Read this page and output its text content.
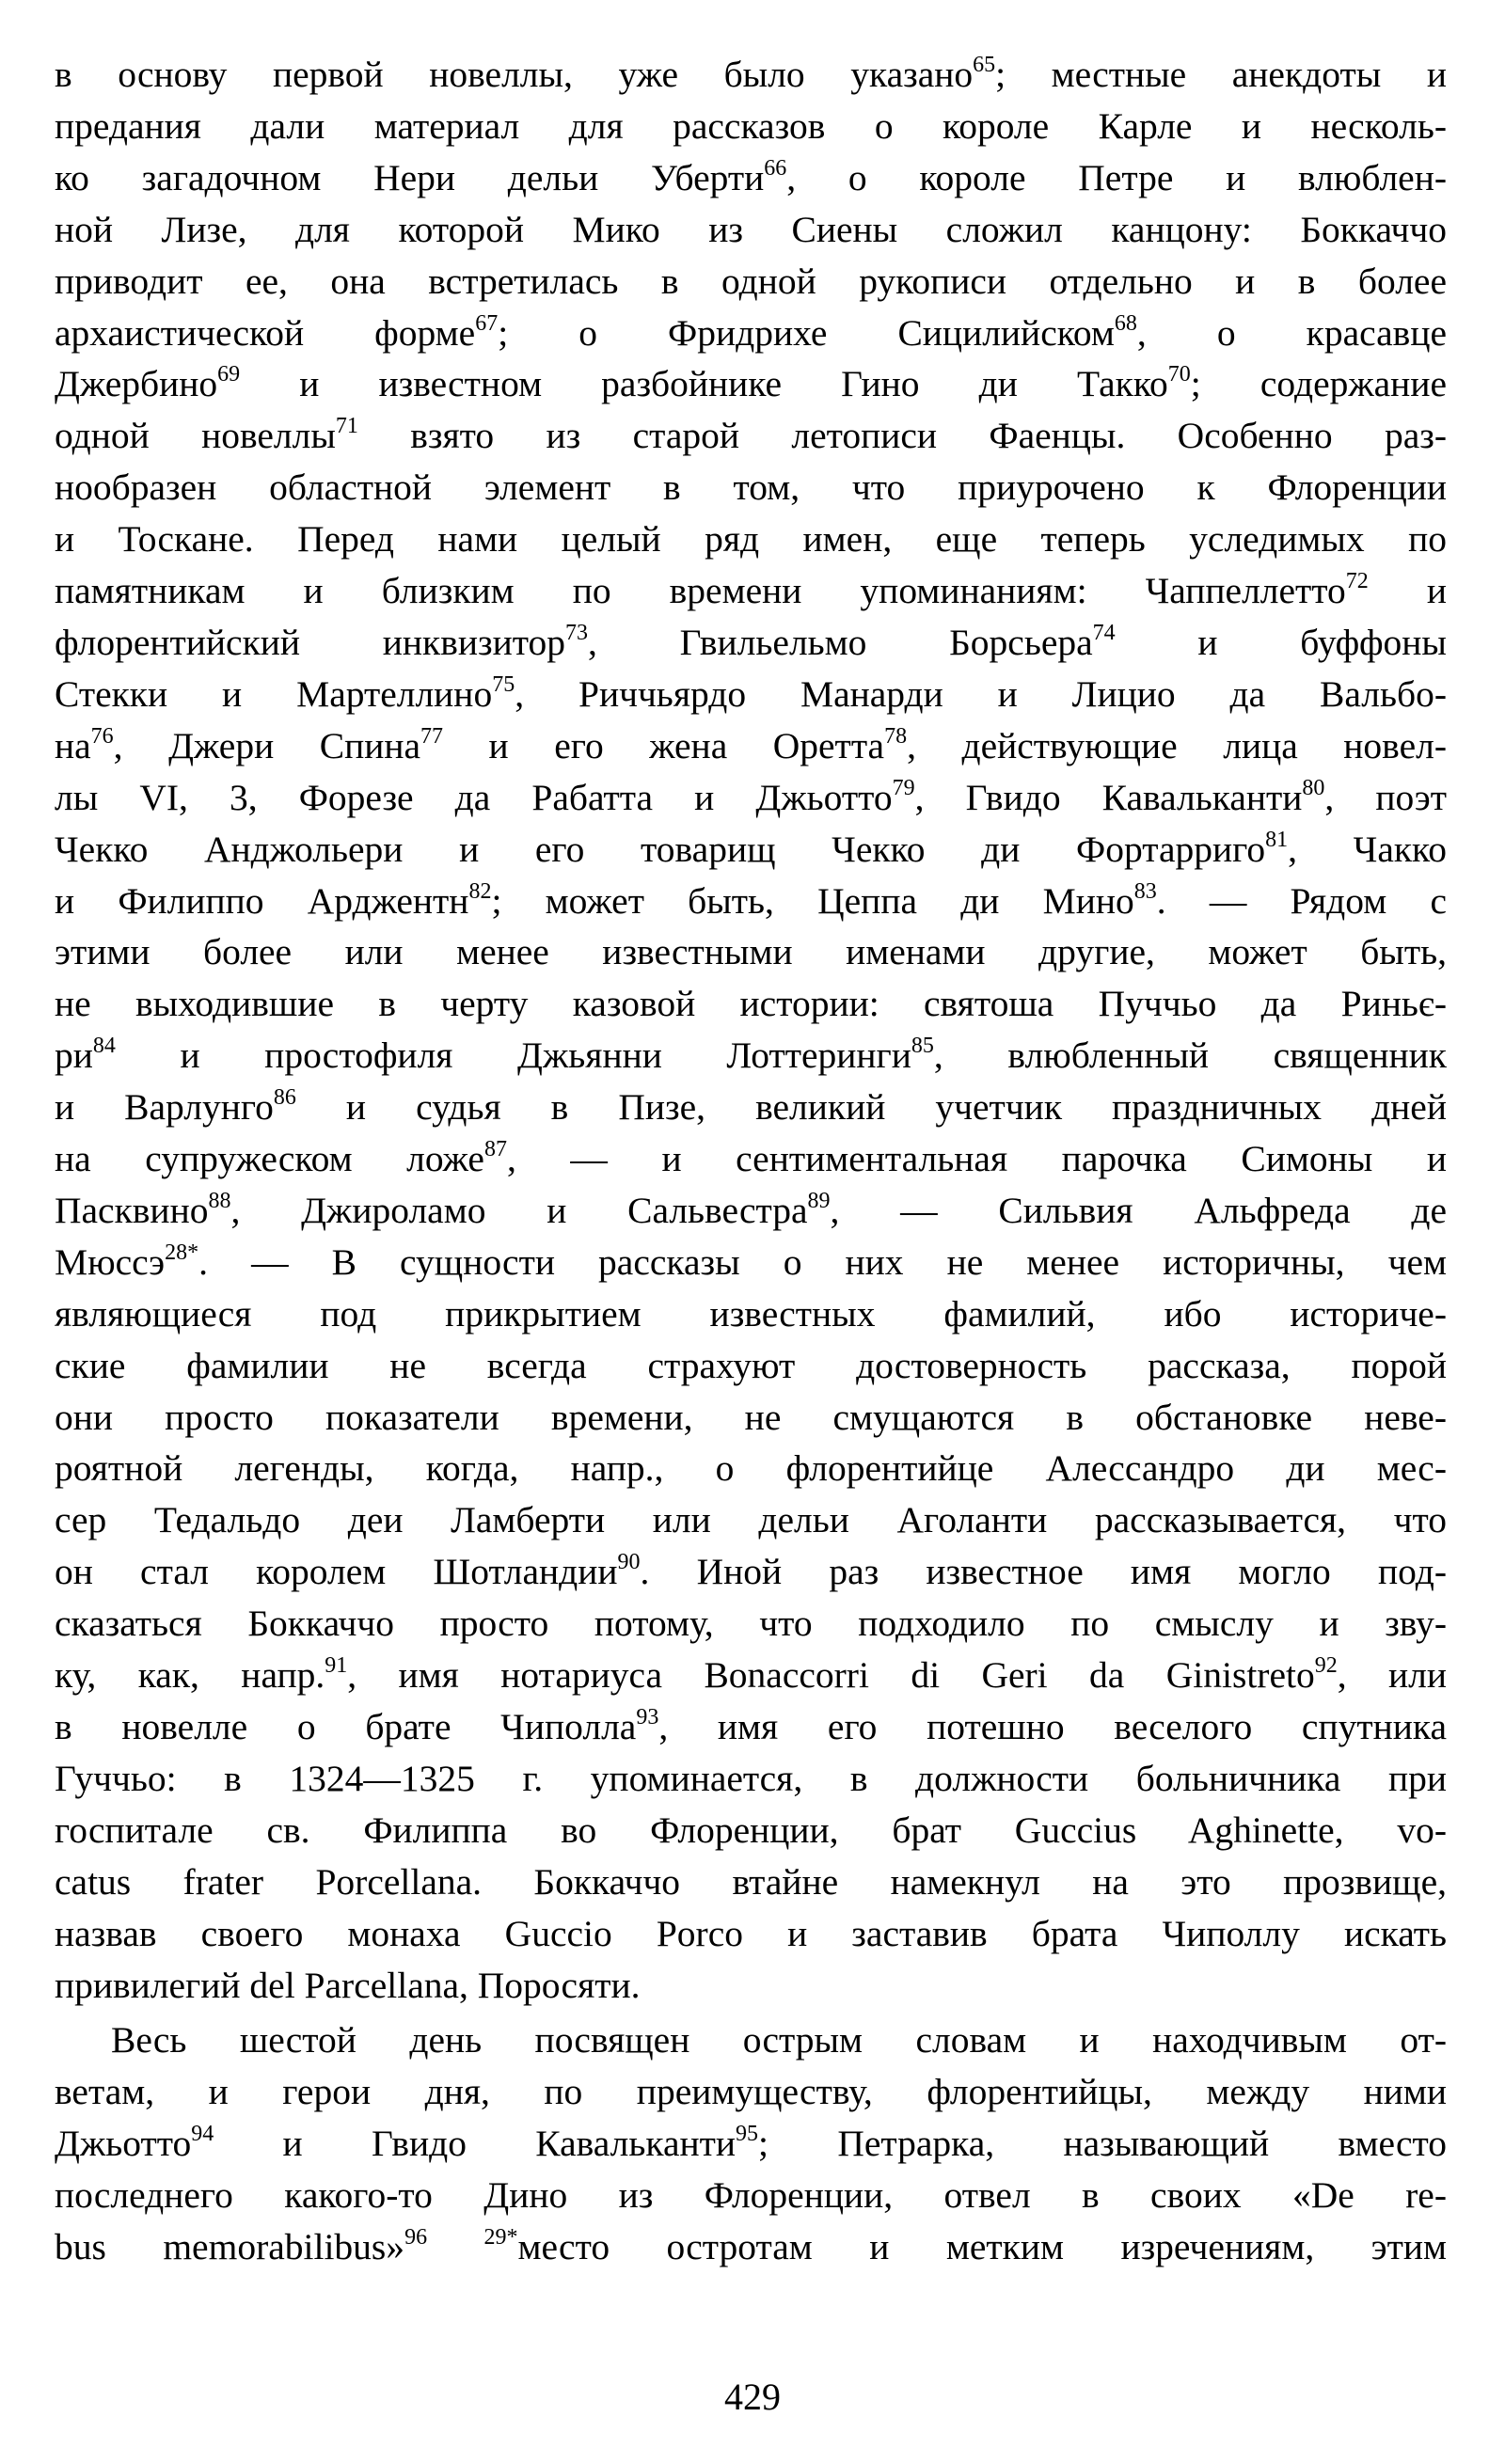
в основу первой новеллы, уже было указано$^{65}$; местные анекдоты и
предания дали материал для рассказов о короле Карле и несколь-
ко загадочном Нери дельи Уберти$^{66}$, о короле Петре и влюблен-
ной Лизе, для которой Мико из Сиены сложил канцону: Боккаччо
приводит ее, она встретилась в одной рукописи отдельно и в более
архаистической форме$^{67}$; о Фридрихе Сицилийском$^{68}$, о красавце
Джербино$^{69}$ и известном разбойнике Гино ди Такко$^{70}$; содержание
одной новеллы$^{71}$ взято из старой летописи Фаенцы. Особенно раз-
нообразен областной элемент в том, что приурочено к Флоренции
и Тоскане. Перед нами целый ряд имен, еще теперь уследимых по
памятникам и близким по времени упоминаниям: Чаппеллетто$^{72}$ и
флорентийский инквизитор$^{73}$, Гвильельмо Борсьера$^{74}$ и буффоны
Стекки и Мартеллино$^{75}$, Риччьярдо Манарди и Лицио да Вальбо-
$на^{76}$, Джери Спина$^{77}$ и его жена Оретта$^{78}$, действующие лица новел-
лы VI, 3, Форезе да Рабатта и Джьотто$^{79}$, Гвидо Кавальканти$^{80}$, поэт
Чекко Анджольери и его товарищ Чекко ди Фортарриго$^{81}$, Чакко
и Филиппо Арджентн$^{82}$; может быть, Цеппа ди Мино$^{83}$. — Рядом с
этими более или менее известными именами другие, может быть,
не выходившие в черту казовой истории: святоша Пуччьо да Риньє-
$ри^{84}$ и простофиля Джьянни Лоттеринги$^{85}$, влюбленный священник
и Варлунго$^{86}$ и судья в Пизе, великий учетчик праздничных дней
на супружеском ложе$^{87}$, — и сентиментальная парочка Симоны и
Пасквино$^{88}$, Джироламо и Сальвестра$^{89}$, — Сильвия Альфреда де
Мюссэ$^{28*}$. — В сущности рассказы о них не менее историчны, чем
являющиеся под прикрытием известных фамилий, ибо историче-
ские фамилии не всегда страхуют достоверность рассказа, порой
они просто показатели времени, не смущаются в обстановке неве-
роятной легенды, когда, напр., о флорентийце Алессандро ди мес-
сер Тедальдо деи Ламберти или дельи Аголанти рассказывается, что
он стал королем Шотландии$^{90}$. Иной раз известное имя могло под-
сказаться Боккаччо просто потому, что подходило по смыслу и зву-
ку, как, напр.$^{91}$, имя нотариуса Bonaccorri di Geri da Ginistreto$^{92}$, или
в новелле о брате Чиполла$^{93}$, имя его потешно веселого спутника
Гуччьо: в 1324—1325 г. упоминается, в должности больничника при
госпитале св. Филиппа во Флоренции, брат Guccius Aghinette, vo-
catus frater Porcellana. Боккаччо втайне намекнул на это прозвище,
назвав своего монаха Guccio Porco и заставив брата Чиполлу искать
привилегий del Parcellana, Поросяти.
Весь шестой день посвящен острым словам и находчивым от-
ветам, и герои дня, по преимуществу, флорентийцы, между ними
Джьотто$^{94}$ и Гвидо Кавальканти$^{95}$; Петрарка, называющий вместо
последнего какого-то Дино из Флоренции, отвел в своих «De re-
bus memorabilibus»$^{96}$	$^{29*}$место остротам и метким изречениям, этим
429
